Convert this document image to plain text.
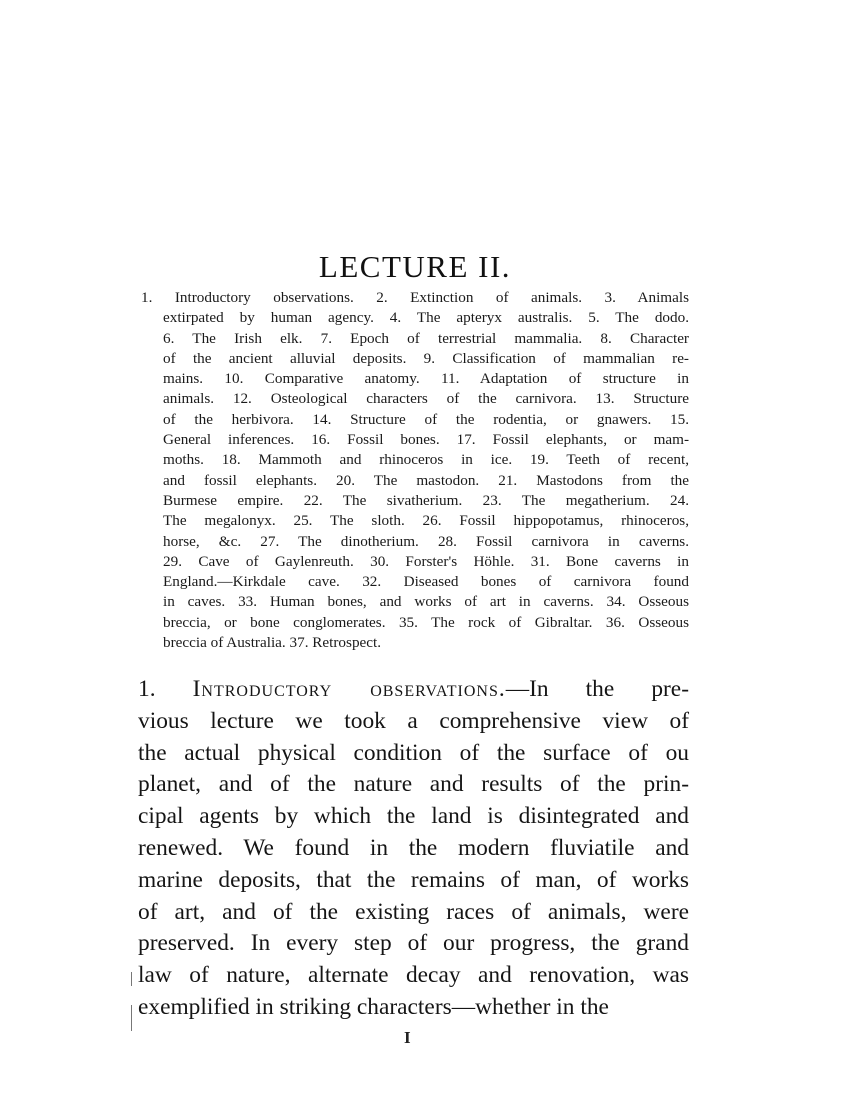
LECTURE II.
1. Introductory observations. 2. Extinction of animals. 3. Animals
extirpated by human agency. 4. The apteryx australis. 5. The dodo.
6. The Irish elk. 7. Epoch of terrestrial mammalia. 8. Character
of the ancient alluvial deposits. 9. Classification of mammalian re-
mains. 10. Comparative anatomy. 11. Adaptation of structure in
animals. 12. Osteological characters of the carnivora. 13. Structure
of the herbivora. 14. Structure of the rodentia, or gnawers. 15.
General inferences. 16. Fossil bones. 17. Fossil elephants, or mam-
moths. 18. Mammoth and rhinoceros in ice. 19. Teeth of recent,
and fossil elephants. 20. The mastodon. 21. Mastodons from the
Burmese empire. 22. The sivatherium. 23. The megatherium. 24.
The megalonyx. 25. The sloth. 26. Fossil hippopotamus, rhinoceros,
horse, &c. 27. The dinotherium. 28. Fossil carnivora in caverns.
29. Cave of Gaylenreuth. 30. Forster's Höhle. 31. Bone caverns in
England.—Kirkdale cave. 32. Diseased bones of carnivora found
in caves. 33. Human bones, and works of art in caverns. 34. Osseous
breccia, or bone conglomerates. 35. The rock of Gibraltar. 36. Osseous
breccia of Australia. 37. Retrospect.
1. Introductory observations.—In the pre-
vious lecture we took a comprehensive view of
the actual physical condition of the surface of ou
planet, and of the nature and results of the prin-
cipal agents by which the land is disintegrated and
renewed. We found in the modern fluviatile and
marine deposits, that the remains of man, of works
of art, and of the existing races of animals, were
preserved. In every step of our progress, the grand
law of nature, alternate decay and renovation, was
exemplified in striking characters—whether in the
I
